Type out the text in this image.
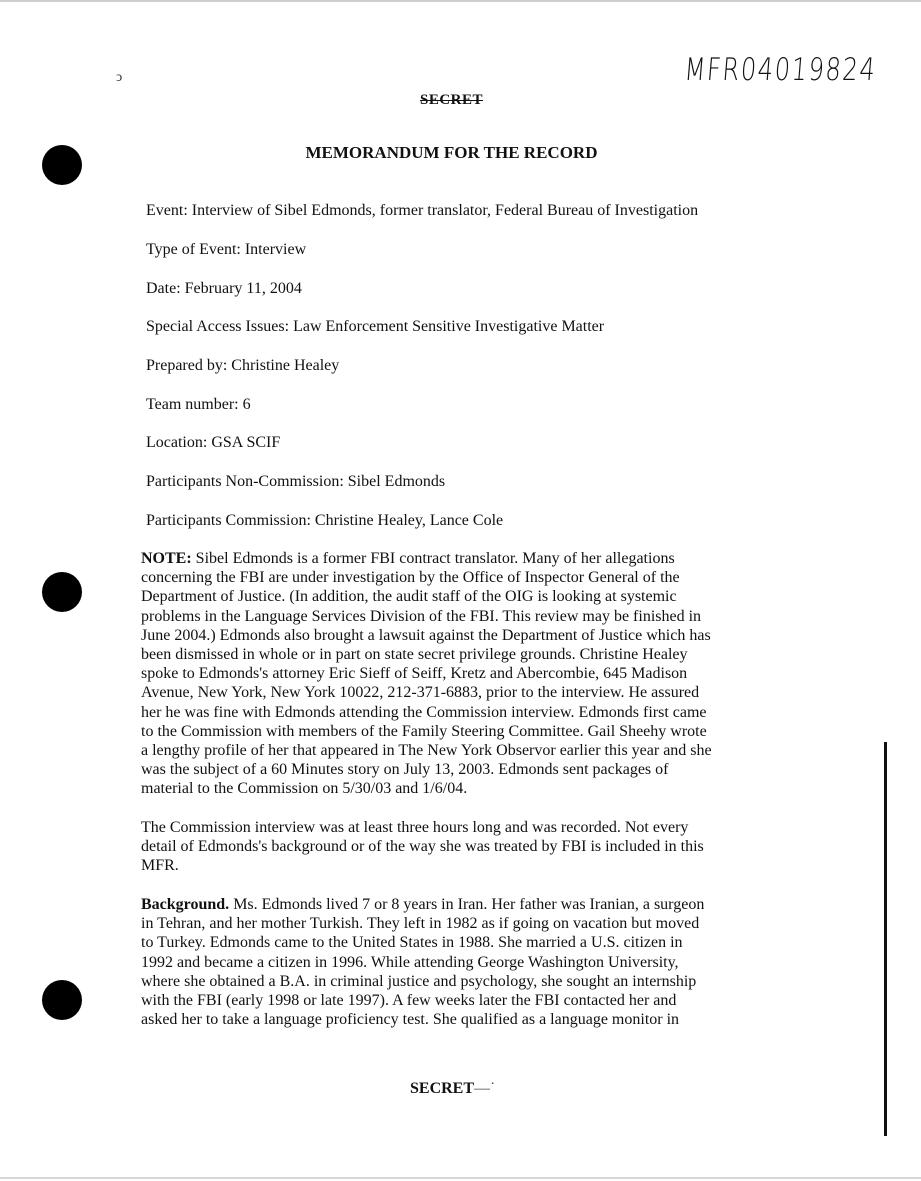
ↄ
SECRET
MFR04019824
MEMORANDUM FOR THE RECORD
Event: Interview of Sibel Edmonds, former translator, Federal Bureau of Investigation
Type of Event: Interview
Date: February 11, 2004
Special Access Issues: Law Enforcement Sensitive Investigative Matter
Prepared by: Christine Healey
Team number: 6
Location: GSA SCIF
Participants Non-Commission: Sibel Edmonds
Participants Commission: Christine Healey, Lance Cole
NOTE: Sibel Edmonds is a former FBI contract translator. Many of her allegations
concerning the FBI are under investigation by the Office of Inspector General of the
Department of Justice. (In addition, the audit staff of the OIG is looking at systemic
problems in the Language Services Division of the FBI. This review may be finished in
June 2004.) Edmonds also brought a lawsuit against the Department of Justice which has
been dismissed in whole or in part on state secret privilege grounds. Christine Healey
spoke to Edmonds's attorney Eric Sieff of Seiff, Kretz and Abercombie, 645 Madison
Avenue, New York, New York 10022, 212-371-6883, prior to the interview. He assured
her he was fine with Edmonds attending the Commission interview. Edmonds first came
to the Commission with members of the Family Steering Committee. Gail Sheehy wrote
a lengthy profile of her that appeared in The New York Observor earlier this year and she
was the subject of a 60 Minutes story on July 13, 2003. Edmonds sent packages of
material to the Commission on 5/30/03 and 1/6/04.
The Commission interview was at least three hours long and was recorded. Not every
detail of Edmonds's background or of the way she was treated by FBI is included in this
MFR.
Background. Ms. Edmonds lived 7 or 8 years in Iran. Her father was Iranian, a surgeon
in Tehran, and her mother Turkish. They left in 1982 as if going on vacation but moved
to Turkey. Edmonds came to the United States in 1988. She married a U.S. citizen in
1992 and became a citizen in 1996. While attending George Washington University,
where she obtained a B.A. in criminal justice and psychology, she sought an internship
with the FBI (early 1998 or late 1997). A few weeks later the FBI contacted her and
asked her to take a language proficiency test. She qualified as a language monitor in
SECRET—˙
